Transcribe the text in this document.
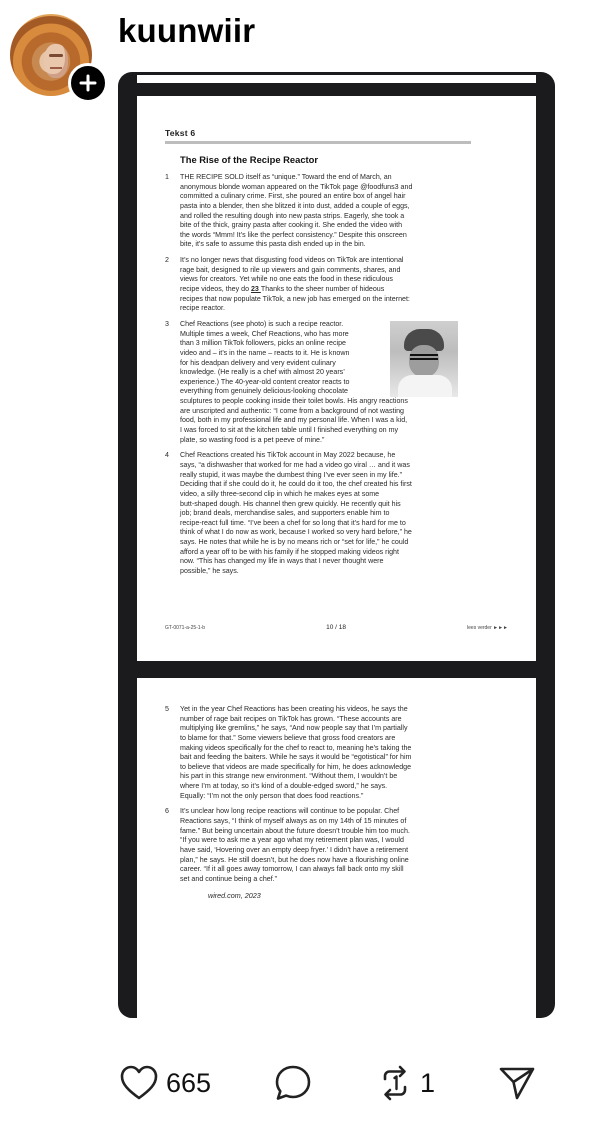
kuunwiir
Tekst 6
The Rise of the Recipe Reactor
1	THE RECIPE SOLD itself as “unique.” Toward the end of March, an
anonymous blonde woman appeared on the TikTok page @foodfuns3 and
committed a culinary crime. First, she poured an entire box of angel hair
pasta into a blender, then she blitzed it into dust, added a couple of eggs,
and rolled the resulting dough into new pasta strips. Eagerly, she took a
bite of the thick, grainy pasta after cooking it. She ended the video with
the words “Mmm! It’s like the perfect consistency.” Despite this onscreen
bite, it’s safe to assume this pasta dish ended up in the bin.
2	It’s no longer news that disgusting food videos on TikTok are intentional
rage bait, designed to rile up viewers and gain comments, shares, and
views for creators. Yet while no one eats the food in these ridiculous
recipe videos, they do 23 Thanks to the sheer number of hideous
recipes that now populate TikTok, a new job has emerged on the internet:
recipe reactor.
3	Chef Reactions (see photo) is such a recipe reactor.
Multiple times a week, Chef Reactions, who has more
than 3 million TikTok followers, picks an online recipe
video and – it’s in the name – reacts to it. He is known
for his deadpan delivery and very evident culinary
knowledge. (He really is a chef with almost 20 years’
experience.) The 40-year-old content creator reacts to
everything from genuinely delicious-looking chocolate
sculptures to people cooking inside their toilet bowls. His angry reactions
are unscripted and authentic: “I come from a background of not wasting
food, both in my professional life and my personal life. When I was a kid,
I was forced to sit at the kitchen table until I finished everything on my
plate, so wasting food is a pet peeve of mine.”
4	Chef Reactions created his TikTok account in May 2022 because, he
says, “a dishwasher that worked for me had a video go viral … and it was
really stupid, it was maybe the dumbest thing I’ve ever seen in my life.”
Deciding that if she could do it, he could do it too, the chef created his first
video, a silly three-second clip in which he makes eyes at some
butt-shaped dough. His channel then grew quickly. He recently quit his
job; brand deals, merchandise sales, and supporters enable him to
recipe-react full time. “I’ve been a chef for so long that it’s hard for me to
think of what I do now as work, because I worked so very hard before,” he
says. He notes that while he is by no means rich or “set for life,” he could
afford a year off to be with his family if he stopped making videos right
now. “This has changed my life in ways that I never thought were
possible,” he says.
GT-0071-a-25-1-b	10 / 18	lees verder ►►►
5	Yet in the year Chef Reactions has been creating his videos, he says the
number of rage bait recipes on TikTok has grown. “These accounts are
multiplying like gremlins,” he says, “And now people say that I’m partially
to blame for that.” Some viewers believe that gross food creators are
making videos specifically for the chef to react to, meaning he’s taking the
bait and feeding the baiters. While he says it would be “egotistical” for him
to believe that videos are made specifically for him, he does acknowledge
his part in this strange new environment. “Without them, I wouldn’t be
where I’m at today, so it’s kind of a double-edged sword,” he says.
Equally: “I’m not the only person that does food reactions.”
6	It’s unclear how long recipe reactions will continue to be popular. Chef
Reactions says, “I think of myself always as on my 14th of 15 minutes of
fame.” But being uncertain about the future doesn’t trouble him too much.
“If you were to ask me a year ago what my retirement plan was, I would
have said, ‘Hovering over an empty deep fryer.’ I didn’t have a retirement
plan,” he says. He still doesn’t, but he does now have a flourishing online
career. “If it all goes away tomorrow, I can always fall back onto my skill
set and continue being a chef.”
wired.com, 2023
665	1
